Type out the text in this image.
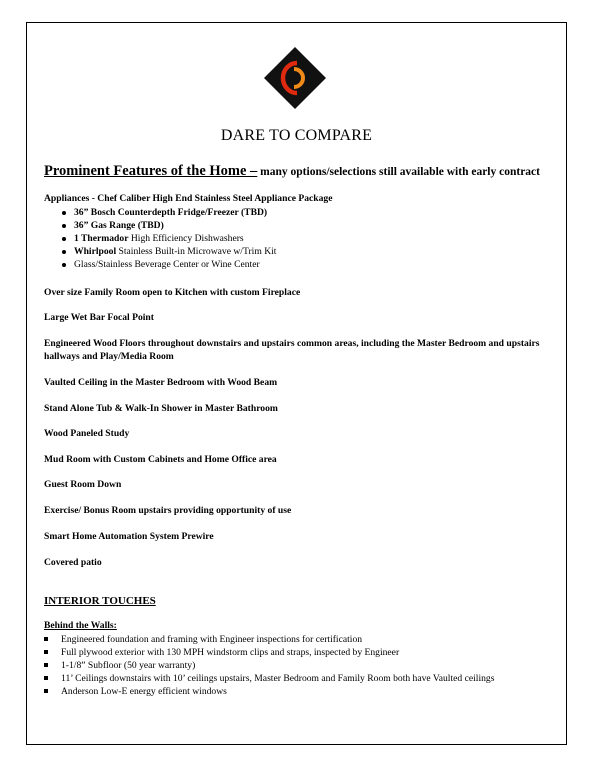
DARE TO COMPARE
Prominent Features of the Home – many options/selections still available with early contract
Appliances - Chef Caliber High End Stainless Steel Appliance Package
36” Bosch Counterdepth Fridge/Freezer (TBD)
36” Gas Range (TBD)
1 Thermador High Efficiency Dishwashers
Whirlpool Stainless Built-in Microwave w/Trim Kit
Glass/Stainless Beverage Center or Wine Center
Over size Family Room open to Kitchen with custom Fireplace
Large Wet Bar Focal Point
Engineered Wood Floors throughout downstairs and upstairs common areas, including the Master Bedroom and upstairs hallways and Play/Media Room
Vaulted Ceiling in the Master Bedroom with Wood Beam
Stand Alone Tub & Walk-In Shower in Master Bathroom
Wood Paneled Study
Mud Room with Custom Cabinets and Home Office area
Guest Room Down
Exercise/ Bonus Room upstairs providing opportunity of use
Smart Home Automation System Prewire
Covered patio
INTERIOR TOUCHES
Behind the Walls:
Engineered foundation and framing with Engineer inspections for certification
Full plywood exterior with 130 MPH windstorm clips and straps, inspected by Engineer
1-1/8” Subfloor (50 year warranty)
11’ Ceilings downstairs with 10’ ceilings upstairs, Master Bedroom and Family Room both have Vaulted ceilings
Anderson Low-E energy efficient windows
